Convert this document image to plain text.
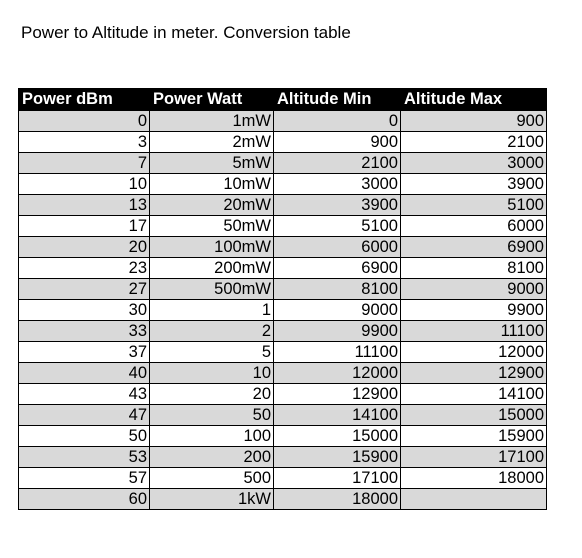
Power to Altitude in meter. Conversion table
Power dBm	Power Watt	Altitude Min	Altitude Max
0	1mW	0	900
3	2mW	900	2100
7	5mW	2100	3000
10	10mW	3000	3900
13	20mW	3900	5100
17	50mW	5100	6000
20	100mW	6000	6900
23	200mW	6900	8100
27	500mW	8100	9000
30	1	9000	9900
33	2	9900	11100
37	5	11100	12000
40	10	12000	12900
43	20	12900	14100
47	50	14100	15000
50	100	15000	15900
53	200	15900	17100
57	500	17100	18000
60	1kW	18000	
